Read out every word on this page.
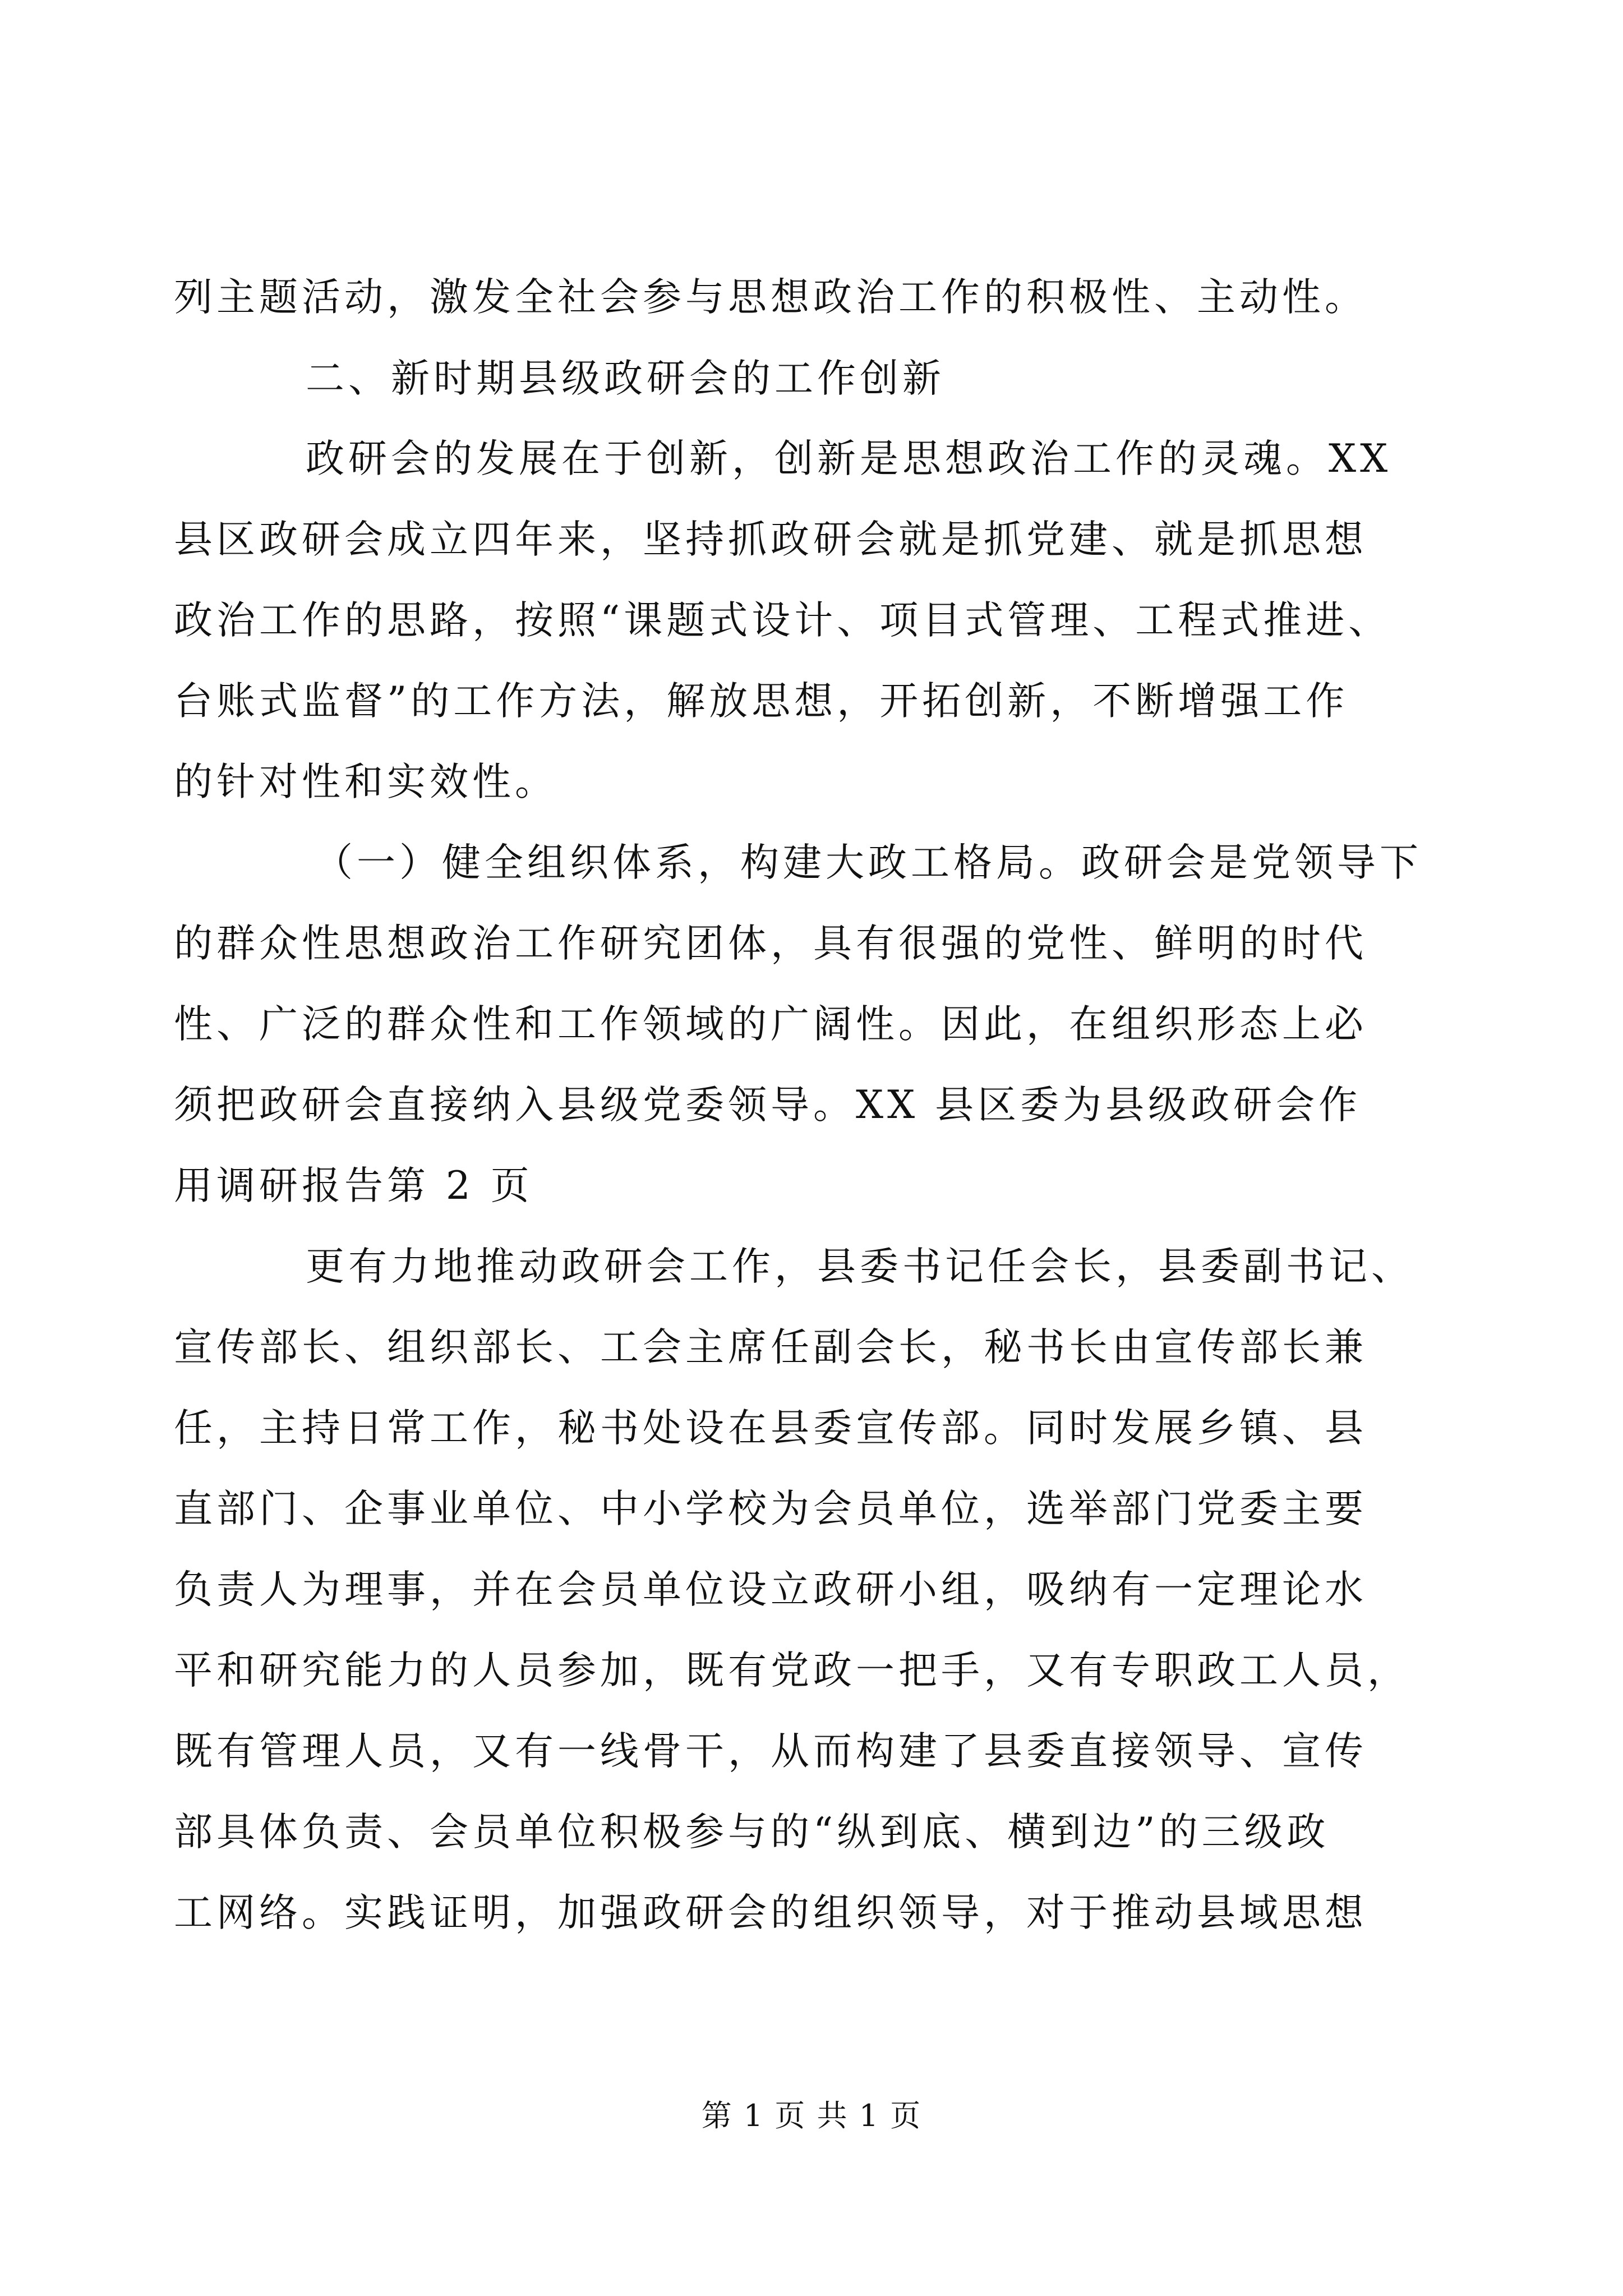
列主题活动，激发全社会参与思想政治工作的积极性、主动性。
二、新时期县级政研会的工作创新
政研会的发展在于创新，创新是思想政治工作的灵魂。XX
县区政研会成立四年来，坚持抓政研会就是抓党建、就是抓思想
政治工作的思路，按照“课题式设计、项目式管理、工程式推进、
台账式监督”的工作方法，解放思想，开拓创新，不断增强工作
的针对性和实效性。
（一）健全组织体系，构建大政工格局。政研会是党领导下
的群众性思想政治工作研究团体，具有很强的党性、鲜明的时代
性、广泛的群众性和工作领域的广阔性。因此，在组织形态上必
须把政研会直接纳入县级党委领导。XX 县区委为县级政研会作
用调研报告第 2 页
更有力地推动政研会工作，县委书记任会长，县委副书记、
宣传部长、组织部长、工会主席任副会长，秘书长由宣传部长兼
任，主持日常工作，秘书处设在县委宣传部。同时发展乡镇、县
直部门、企事业单位、中小学校为会员单位，选举部门党委主要
负责人为理事，并在会员单位设立政研小组，吸纳有一定理论水
平和研究能力的人员参加，既有党政一把手，又有专职政工人员，
既有管理人员，又有一线骨干，从而构建了县委直接领导、宣传
部具体负责、会员单位积极参与的“纵到底、横到边”的三级政
工网络。实践证明，加强政研会的组织领导，对于推动县域思想
第 1 页 共 1 页
